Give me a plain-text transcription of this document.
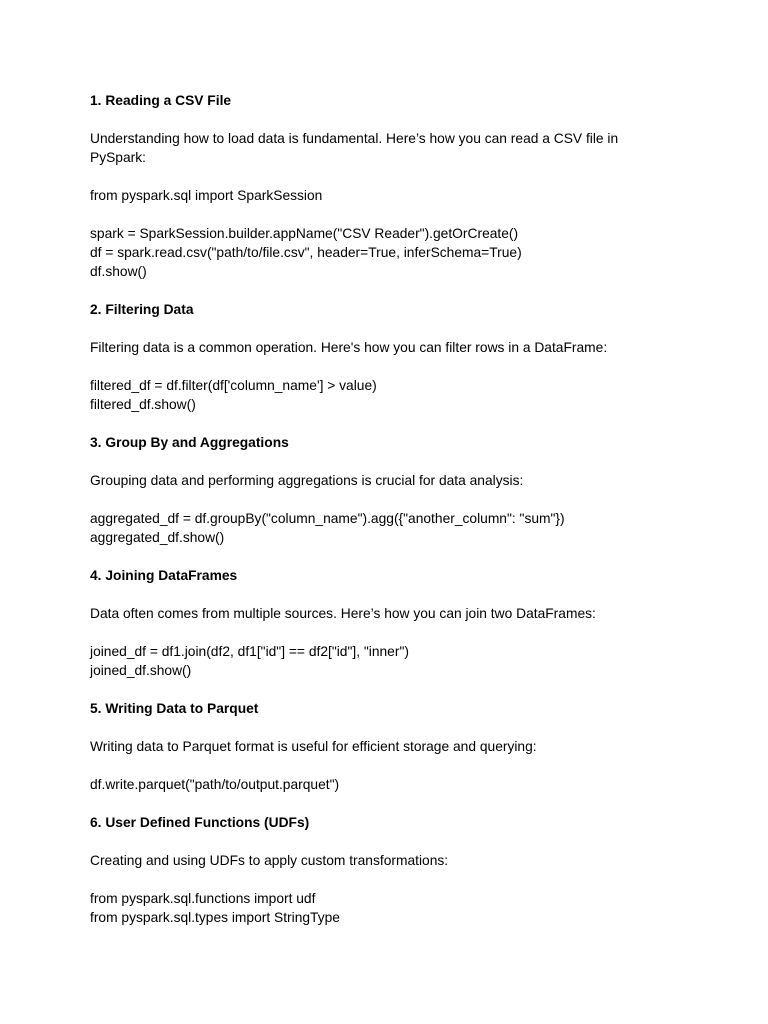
1. Reading a CSV File

Understanding how to load data is fundamental. Here’s how you can read a CSV file in

PySpark:

from pyspark.sql import SparkSession

spark = SparkSession.builder.appName("CSV Reader").getOrCreate()

df = spark.read.csv("path/to/file.csv", header=True, inferSchema=True)

df.show()

2. Filtering Data

Filtering data is a common operation. Here's how you can filter rows in a DataFrame:

filtered_df = df.filter(df['column_name'] > value)

filtered_df.show()

3. Group By and Aggregations

Grouping data and performing aggregations is crucial for data analysis:

aggregated_df = df.groupBy("column_name").agg({"another_column": "sum"})

aggregated_df.show()

4. Joining DataFrames

Data often comes from multiple sources. Here’s how you can join two DataFrames:

joined_df = df1.join(df2, df1["id"] == df2["id"], "inner")

joined_df.show()

5. Writing Data to Parquet

Writing data to Parquet format is useful for efficient storage and querying:

df.write.parquet("path/to/output.parquet")

6. User Defined Functions (UDFs)

Creating and using UDFs to apply custom transformations:

from pyspark.sql.functions import udf

from pyspark.sql.types import StringType
